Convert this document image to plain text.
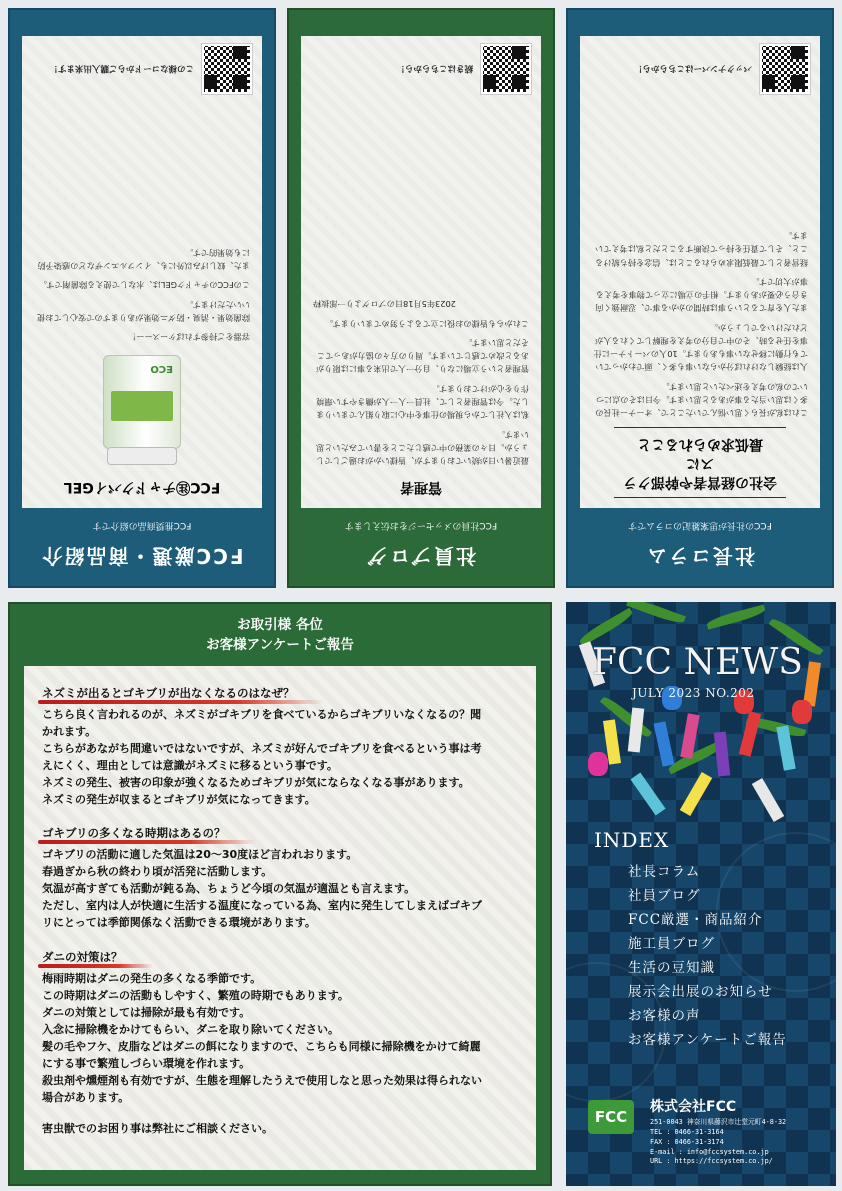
社長コラム
FCCの社長が思案雑記のコラムです
会社の経営者や幹部クラスに
最低求められること

これは私が長らく思い悩んでいたことで、オーナー社長の多くは思い当たる事があると思います。今日はその点についての私の考えを述べたいと思います。

人は経験しなければ分からない事も多く、頭でわかっていても行動に移せない事もあります。10人のパートナーに仕事を任せる時、その中で自分の考えを理解してくれる人がどれだけいるでしょうか。

また人を育てるという事は時間のかかる事で、忍耐強く向き合う必要があります。相手の立場に立って物事を考える事が大切です。

経営者として最低限求められることは、信念を持ち続けること、そして責任を持って決断することだと私は考えています。

バックナンバーはこちらから！
社員ブログ
FCC社員のメッセージをお伝えします
管理者

最近暑い日が続いておりますが、皆様いかがお過ごしでしょうか。日々の業務の中で感じたことを書いてみたいと思います。

私は入社してから現場の仕事を中心に取り組んでまいりました。今は管理者として、社員一人一人が働きやすい環境作りを心がけております。

管理者という立場になり、自分一人で出来る事には限りがあると改めて感じています。周りの方々の協力があってこそだと思います。

これからも皆様のお役に立てるよう努めてまいります。

2023年5月18日のブログより一部抜粋

続きはこちらから！
FCC厳選・商品紹介
FCC推奨商品の紹介です
FCC㊟チャドクバイGEL
ECO

容器をご持参すればケースーー！

除菌効果・消臭・防ダニ効果がありますので安心してお使いいただけます。

このFCCのチャドクGELは、水なしで使える除菌剤です。

また、蚊しげみ以外にも、インフルエンザなどの感染予防にも効果的です。

この様なコードからご購入出来ます！
お取引様 各位
お客様アンケートご報告
ネズミが出るとゴキブリが出なくなるのはなぜ？
こちら良く言われるのが、ネズミがゴキブリを食べているからゴキブリいなくなるの？聞
かれます。
こちらがあながち間違いではないですが、ネズミが好んでゴキブリを食べるという事は考
えにくく、理由としては意識がネズミに移るという事です。
ネズミの発生、被害の印象が強くなるためゴキブリが気にならなくなる事があります。
ネズミの発生が収まるとゴキブリが気になってきます。
ゴキブリの多くなる時期はあるの？
ゴキブリの活動に適した気温は20～30度ほど言われおります。
春過ぎから秋の終わり頃が活発に活動します。
気温が高すぎても活動が鈍る為、ちょうど今頃の気温が適温とも言えます。
ただし、室内は人が快適に生活する温度になっている為、室内に発生してしまえばゴキブ
リにとっては季節関係なく活動できる環境があります。
ダニの対策は？
梅雨時期はダニの発生の多くなる季節です。
この時期はダニの活動もしやすく、繁殖の時期でもあります。
ダニの対策としては掃除が最も有効です。
入念に掃除機をかけてもらい、ダニを取り除いてください。
髪の毛やフケ、皮脂などはダニの餌になりますので、こちらも同様に掃除機をかけて綺麗
にする事で繁殖しづらい環境を作れます。
殺虫剤や燻煙剤も有効ですが、生態を理解したうえで使用しなと思った効果は得られない
場合があります。
害虫獣でのお困り事は弊社にご相談ください。
FCC NEWS
JULY 2023 NO.202
INDEX
社長コラム
社員ブログ
FCC厳選・商品紹介
施工員ブログ
生活の豆知識
展示会出展のお知らせ
お客様の声
お客様アンケートご報告
FCC
株式会社FCC
251-0043 神奈川県藤沢市辻堂元町4-8-32
TEL : 0466-31-3164
FAX : 0466-31-3174
E-mail : info@fccsystem.co.jp
URL : https://fccsystem.co.jp/
